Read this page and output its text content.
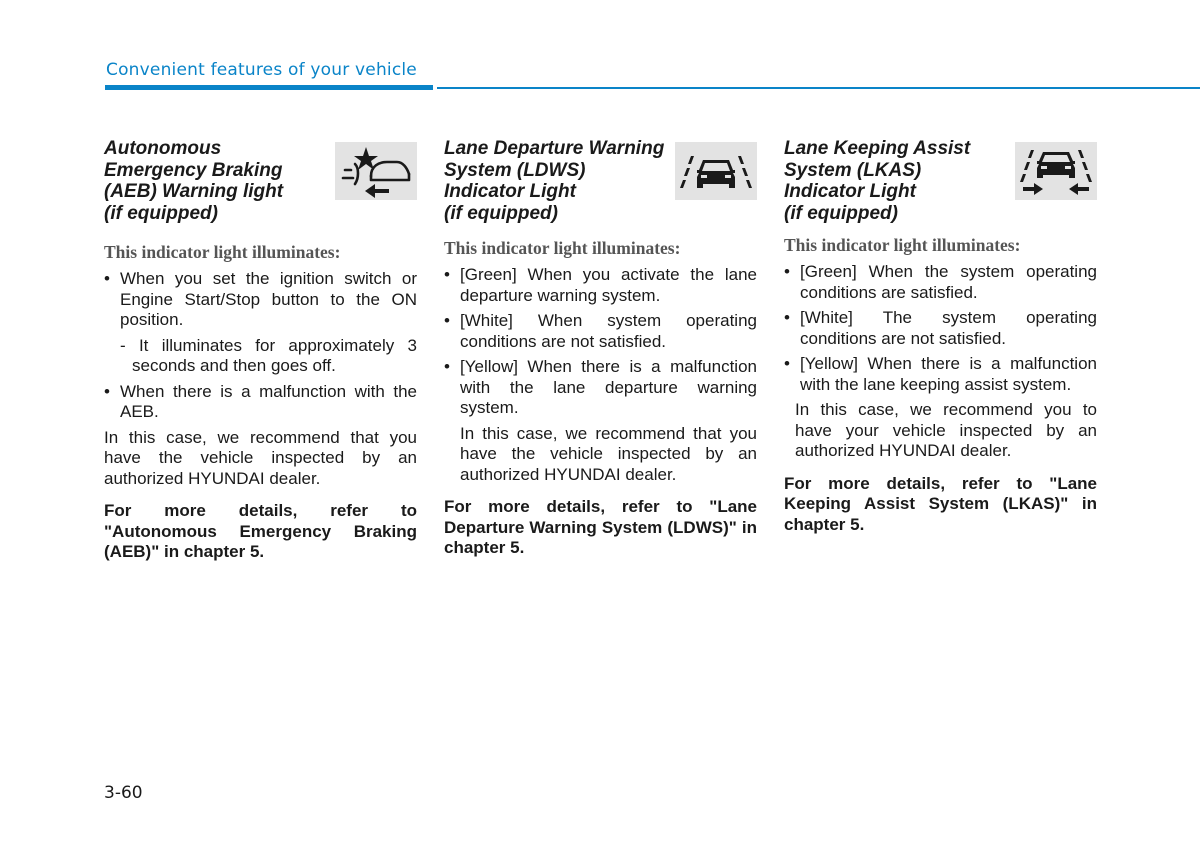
Convenient features of your vehicle
Autonomous
Emergency Braking
(AEB) Warning light
(if equipped)
This indicator light illuminates:

• When you set the ignition switch or Engine Start/Stop button to the ON position.

- It illuminates for approximately 3 seconds and then goes off.

• When there is a malfunction with the AEB.

In this case, we recommend that you have the vehicle inspected by an authorized HYUNDAI dealer.

For more details, refer to "Autonomous Emergency Braking (AEB)" in chapter 5.

Lane Departure Warning
System (LDWS)
Indicator Light
(if equipped)
This indicator light illuminates:

• [Green] When you activate the lane departure warning system.

• [White] When system operating conditions are not satisfied.

• [Yellow] When there is a malfunction with the lane departure warning system.

In this case, we recommend that you have the vehicle inspected by an authorized HYUNDAI dealer.

For more details, refer to "Lane Departure Warning System (LDWS)" in chapter 5.

Lane Keeping Assist
System (LKAS)
Indicator Light
(if equipped)
This indicator light illuminates:

• [Green] When the system operating conditions are satisfied.

• [White] The system operating conditions are not satisfied.

• [Yellow] When there is a malfunction with the lane keeping assist system.

In this case, we recommend you to have your vehicle inspected by an authorized HYUNDAI dealer.

For more details, refer to "Lane Keeping Assist System (LKAS)" in chapter 5.

3-60
